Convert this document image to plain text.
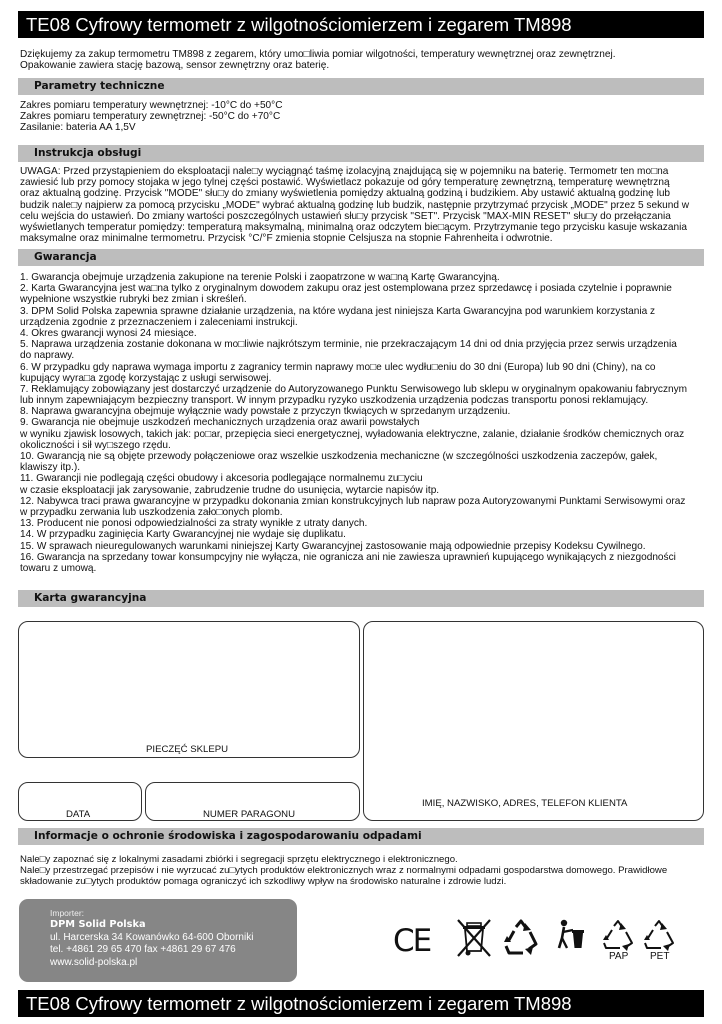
TE08 Cyfrowy termometr z wilgotnościomierzem i zegarem TM898
Dziękujemy za zakup termometru TM898 z zegarem, który umo□liwia pomiar wilgotności, temperatury wewnętrznej oraz zewnętrznej.
Opakowanie zawiera stację bazową, sensor zewnętrzny oraz baterię.
Parametry techniczne
Zakres pomiaru temperatury wewnętrznej: -10°C do +50°C
Zakres pomiaru temperatury zewnętrznej: -50°C do +70°C
Zasilanie: bateria AA 1,5V
Instrukcja obsługi
UWAGA: Przed przystąpieniem do eksploatacji nale□y wyciągnąć taśmę izolacyjną znajdującą się w pojemniku na baterię. Termometr ten mo□na
zawiesić lub przy pomocy stojaka w jego tylnej części postawić. Wyświetlacz pokazuje od góry temperaturę zewnętrzną, temperaturę wewnętrzną
oraz aktualną godzinę. Przycisk "MODE" słu□y do zmiany wyświetlenia pomiędzy aktualną godziną i budzikiem. Aby ustawić aktualną godzinę lub
budzik nale□y najpierw za pomocą przycisku „MODE" wybrać aktualną godzinę lub budzik, następnie przytrzymać przycisk „MODE" przez 5 sekund w
celu wejścia do ustawień. Do zmiany wartości poszczególnych ustawień słu□y przycisk "SET". Przycisk "MAX-MIN RESET" słu□y do przełączania
wyświetlanych temperatur pomiędzy: temperaturą maksymalną, minimalną oraz odczytem bie□ącym. Przytrzymanie tego przycisku kasuje wskazania
maksymalne oraz minimalne termometru. Przycisk °C/°F zmienia stopnie Celsjusza na stopnie Fahrenheita i odwrotnie.
Gwarancja
1. Gwarancja obejmuje urządzenia zakupione na terenie Polski i zaopatrzone w wa□ną Kartę Gwarancyjną.
2. Karta Gwarancyjna jest wa□na tylko z oryginalnym dowodem zakupu oraz jest ostemplowana przez sprzedawcę i posiada czytelnie i poprawnie
wypełnione wszystkie rubryki bez zmian i skreśleń.
3. DPM Solid Polska zapewnia sprawne działanie urządzenia, na które wydana jest niniejsza Karta Gwarancyjna pod warunkiem korzystania z
urządzenia zgodnie z przeznaczeniem i zaleceniami instrukcji.
4. Okres gwarancji wynosi 24 miesiące.
5. Naprawa urządzenia zostanie dokonana w mo□liwie najkrótszym terminie, nie przekraczającym 14 dni od dnia przyjęcia przez serwis urządzenia
do naprawy.
6. W przypadku gdy naprawa wymaga importu z zagranicy termin naprawy mo□e ulec wydłu□eniu do 30 dni (Europa) lub 90 dni (Chiny), na co
kupujący wyra□a zgodę korzystając z usługi serwisowej.
7. Reklamujący zobowiązany jest dostarczyć urządzenie do Autoryzowanego Punktu Serwisowego lub sklepu w oryginalnym opakowaniu fabrycznym
lub innym zapewniającym bezpieczny transport. W innym przypadku ryzyko uszkodzenia urządzenia podczas transportu ponosi reklamujący.
8. Naprawa gwarancyjna obejmuje wyłącznie wady powstałe z przyczyn tkwiących w sprzedanym urządzeniu.
9. Gwarancja nie obejmuje uszkodzeń mechanicznych urządzenia oraz awarii powstałych
w wyniku zjawisk losowych, takich jak: po□ar, przepięcia sieci energetycznej, wyładowania elektryczne, zalanie, działanie środków chemicznych oraz
okoliczności i sił wy□szego rzędu.
10. Gwarancją nie są objęte przewody połączeniowe oraz wszelkie uszkodzenia mechaniczne (w szczególności uszkodzenia zaczepów, gałek,
klawiszy itp.).
11. Gwarancji nie podlegają części obudowy i akcesoria podlegające normalnemu zu□yciu
w czasie eksploatacji jak zarysowanie, zabrudzenie trudne do usunięcia, wytarcie napisów itp.
12. Nabywca traci prawa gwarancyjne w przypadku dokonania zmian konstrukcyjnych lub napraw poza Autoryzowanymi Punktami Serwisowymi oraz
w przypadku zerwania lub uszkodzenia zało□onych plomb.
13. Producent nie ponosi odpowiedzialności za straty wynikłe z utraty danych.
14. W przypadku zaginięcia Karty Gwarancyjnej nie wydaje się duplikatu.
15. W sprawach nieuregulowanych warunkami niniejszej Karty Gwarancyjnej zastosowanie mają odpowiednie przepisy Kodeksu Cywilnego.
16. Gwarancja na sprzedany towar konsumpcyjny nie wyłącza, nie ogranicza ani nie zawiesza uprawnień kupującego wynikających z niezgodności
towaru z umową.
Karta gwarancyjna
PIECZĘĆ SKLEPU
DATA	NUMER PARAGONU
IMIĘ, NAZWISKO, ADRES, TELEFON KLIENTA
Informacje o ochronie środowiska i zagospodarowaniu odpadami
Nale□y zapoznać się z lokalnymi zasadami zbiórki i segregacji sprzętu elektrycznego i elektronicznego.
Nale□y przestrzegać przepisów i nie wyrzucać zu□ytych produktów elektronicznych wraz z normalnymi odpadami gospodarstwa domowego. Prawidłowe
składowanie zu□ytych produktów pomaga ograniczyć ich szkodliwy wpływ na środowisko naturalne i zdrowie ludzi.
Importer:
DPM Solid Polska
ul. Harcerska 34 Kowanówko 64-600 Oborniki
tel. +4861 29 65 470 fax +4861 29 67 476
www.solid-polska.pl
CE	PAP PET
TE08 Cyfrowy termometr z wilgotnościomierzem i zegarem TM898
